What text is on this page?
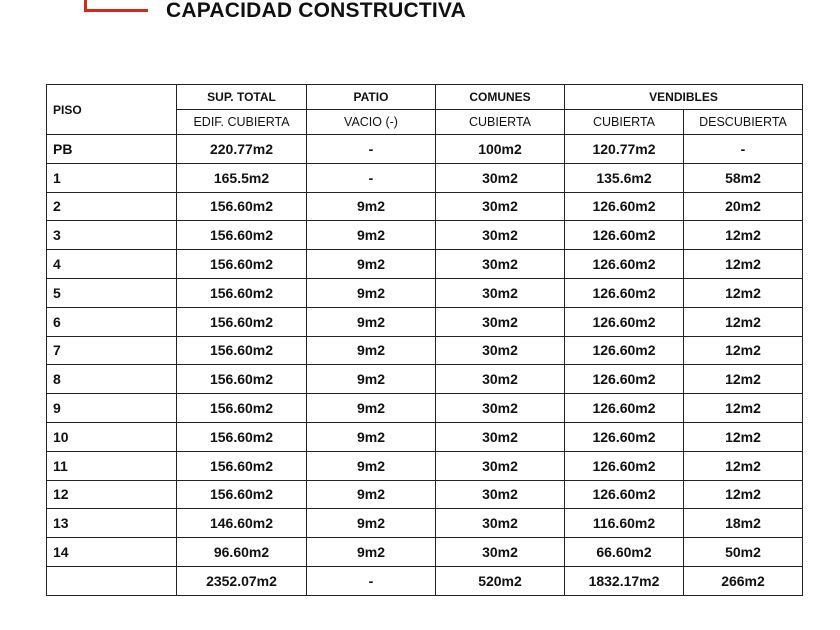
CAPACIDAD CONSTRUCTIVA
PISO	SUP. TOTAL	PATIO	COMUNES	VENDIBLES	
	EDIF. CUBIERTA	VACIO (-)	CUBIERTA	CUBIERTA	DESCUBIERTA
PB	220.77m2	-	100m2	120.77m2	-
1	165.5m2	-	30m2	135.6m2	58m2
2	156.60m2	9m2	30m2	126.60m2	20m2
3	156.60m2	9m2	30m2	126.60m2	12m2
4	156.60m2	9m2	30m2	126.60m2	12m2
5	156.60m2	9m2	30m2	126.60m2	12m2
6	156.60m2	9m2	30m2	126.60m2	12m2
7	156.60m2	9m2	30m2	126.60m2	12m2
8	156.60m2	9m2	30m2	126.60m2	12m2
9	156.60m2	9m2	30m2	126.60m2	12m2
10	156.60m2	9m2	30m2	126.60m2	12m2
11	156.60m2	9m2	30m2	126.60m2	12m2
12	156.60m2	9m2	30m2	126.60m2	12m2
13	146.60m2	9m2	30m2	116.60m2	18m2
14	96.60m2	9m2	30m2	66.60m2	50m2
	2352.07m2	-	520m2	1832.17m2	266m2
